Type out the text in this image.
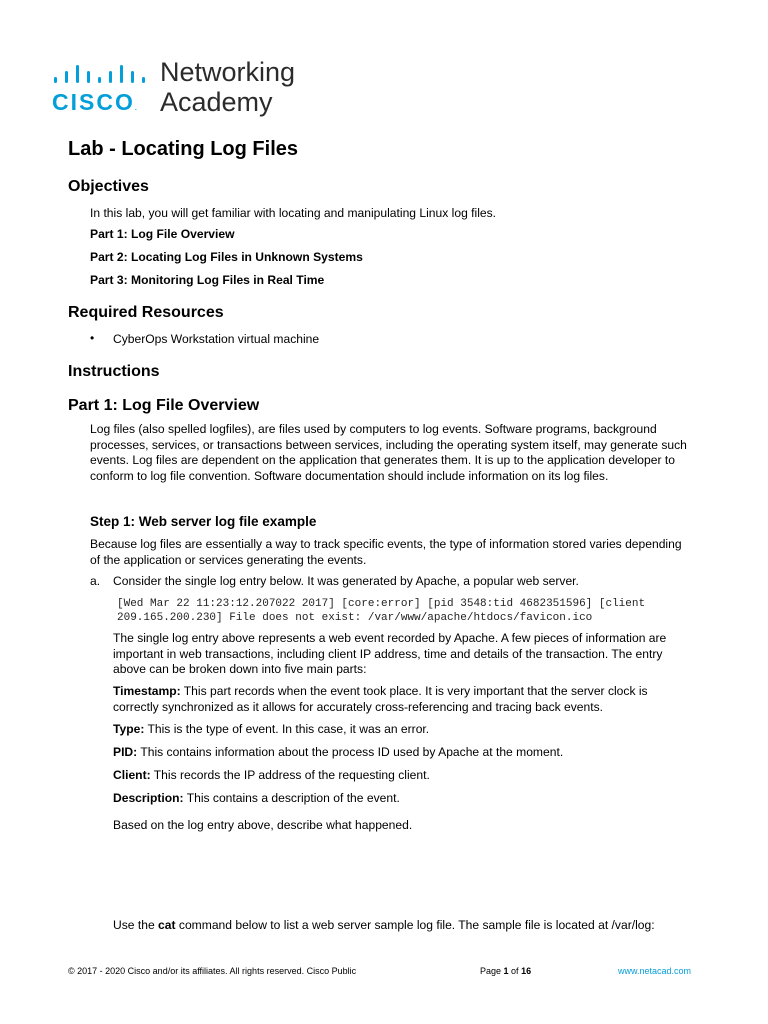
CISCO.
Networking
Academy
Lab - Locating Log Files
Objectives

In this lab, you will get familiar with locating and manipulating Linux log files.

Part 1: Log File Overview

Part 2: Locating Log Files in Unknown Systems

Part 3: Monitoring Log Files in Real Time

Required Resources
• CyberOps Workstation virtual machine

Instructions
Part 1: Log File Overview

Log files (also spelled logfiles), are files used by computers to log events. Software programs, background processes, services, or transactions between services, including the operating system itself, may generate such events. Log files are dependent on the application that generates them. It is up to the application developer to conform to log file convention. Software documentation should include information on its log files.

Step 1: Web server log file example

Because log files are essentially a way to track specific events, the type of information stored varies depending of the application or services generating the events.

a. Consider the single log entry below. It was generated by Apache, a popular web server.

[Wed Mar 22 11:23:12.207022 2017] [core:error] [pid 3548:tid 4682351596] [client
209.165.200.230] File does not exist: /var/www/apache/htdocs/favicon.ico

The single log entry above represents a web event recorded by Apache. A few pieces of information are important in web transactions, including client IP address, time and details of the transaction. The entry above can be broken down into five main parts:

Timestamp: This part records when the event took place. It is very important that the server clock is correctly synchronized as it allows for accurately cross-referencing and tracing back events.

Type: This is the type of event. In this case, it was an error.

PID: This contains information about the process ID used by Apache at the moment.

Client: This records the IP address of the requesting client.

Description: This contains a description of the event.

Based on the log entry above, describe what happened.

Use the cat command below to list a web server sample log file. The sample file is located at /var/log:

© 2017 - 2020 Cisco and/or its affiliates. All rights reserved. Cisco Public	Page 1 of 16	www.netacad.com
